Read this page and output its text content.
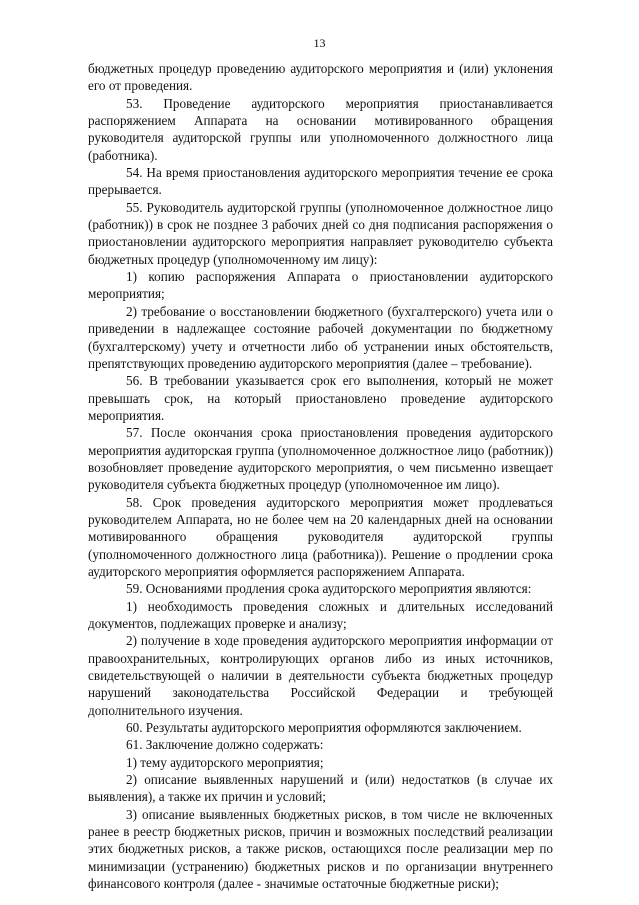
13

бюджетных процедур проведению аудиторского мероприятия и (или) уклонения его от проведения.

53. Проведение аудиторского мероприятия приостанавливается распоряжением Аппарата на основании мотивированного обращения руководителя аудиторской группы или уполномоченного должностного лица (работника).

54. На время приостановления аудиторского мероприятия течение ее срока прерывается.

55. Руководитель аудиторской группы (уполномоченное должностное лицо (работник)) в срок не позднее 3 рабочих дней со дня подписания распоряжения о приостановлении аудиторского мероприятия направляет руководителю субъекта бюджетных процедур (уполномоченному им лицу):

1) копию распоряжения Аппарата о приостановлении аудиторского мероприятия;

2) требование о восстановлении бюджетного (бухгалтерского) учета или о приведении в надлежащее состояние рабочей документации по бюджетному (бухгалтерскому) учету и отчетности либо об устранении иных обстоятельств, препятствующих проведению аудиторского мероприятия (далее – требование).

56. В требовании указывается срок его выполнения, который не может превышать срок, на который приостановлено проведение аудиторского мероприятия.

57. После окончания срока приостановления проведения аудиторского мероприятия аудиторская группа (уполномоченное должностное лицо (работник)) возобновляет проведение аудиторского мероприятия, о чем письменно извещает руководителя субъекта бюджетных процедур (уполномоченное им лицо).

58. Срок проведения аудиторского мероприятия может продлеваться руководителем Аппарата, но не более чем на 20 календарных дней на основании мотивированного обращения руководителя аудиторской группы (уполномоченного должностного лица (работника)). Решение о продлении срока аудиторского мероприятия оформляется распоряжением Аппарата.

59. Основаниями продления срока аудиторского мероприятия являются:

1) необходимость проведения сложных и длительных исследований документов, подлежащих проверке и анализу;

2) получение в ходе проведения аудиторского мероприятия информации от правоохранительных, контролирующих органов либо из иных источников, свидетельствующей о наличии в деятельности субъекта бюджетных процедур нарушений законодательства Российской Федерации и требующей дополнительного изучения.

60. Результаты аудиторского мероприятия оформляются заключением.

61. Заключение должно содержать:

1) тему аудиторского мероприятия;

2) описание выявленных нарушений и (или) недостатков (в случае их выявления), а также их причин и условий;

3) описание выявленных бюджетных рисков, в том числе не включенных ранее в реестр бюджетных рисков, причин и возможных последствий реализации этих бюджетных рисков, а также рисков, остающихся после реализации мер по минимизации (устранению) бюджетных рисков и по организации внутреннего финансового контроля (далее - значимые остаточные бюджетные риски);
